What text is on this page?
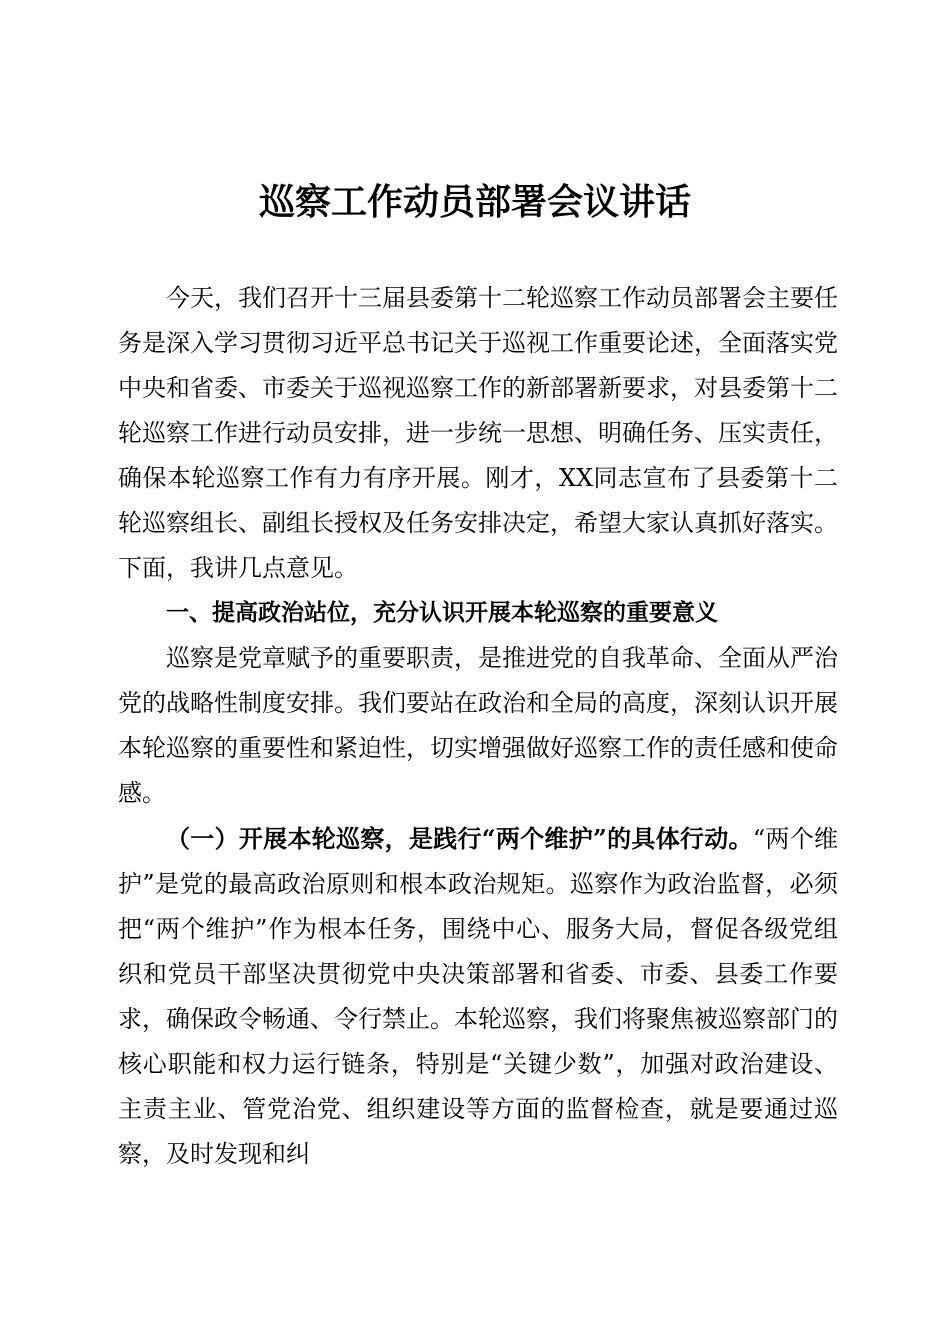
巡察工作动员部署会议讲话

今天，我们召开十三届县委第十二轮巡察工作动员部署会主要任务是深入学习贯彻习近平总书记关于巡视工作重要论述，全面落实党中央和省委、市委关于巡视巡察工作的新部署新要求，对县委第十二轮巡察工作进行动员安排，进一步统一思想、明确任务、压实责任，确保本轮巡察工作有力有序开展。刚才，XX同志宣布了县委第十二轮巡察组长、副组长授权及任务安排决定，希望大家认真抓好落实。下面，我讲几点意见。

一、提高政治站位，充分认识开展本轮巡察的重要意义

巡察是党章赋予的重要职责，是推进党的自我革命、全面从严治党的战略性制度安排。我们要站在政治和全局的高度，深刻认识开展本轮巡察的重要性和紧迫性，切实增强做好巡察工作的责任感和使命感。

（一）开展本轮巡察，是践行“两个维护”的具体行动。“两个维护”是党的最高政治原则和根本政治规矩。巡察作为政治监督，必须把“两个维护”作为根本任务，围绕中心、服务大局，督促各级党组织和党员干部坚决贯彻党中央决策部署和省委、市委、县委工作要求，确保政令畅通、令行禁止。本轮巡察，我们将聚焦被巡察部门的核心职能和权力运行链条，特别是“关键少数”，加强对政治建设、主责主业、管党治党、组织建设等方面的监督检查，就是要通过巡察，及时发现和纠
